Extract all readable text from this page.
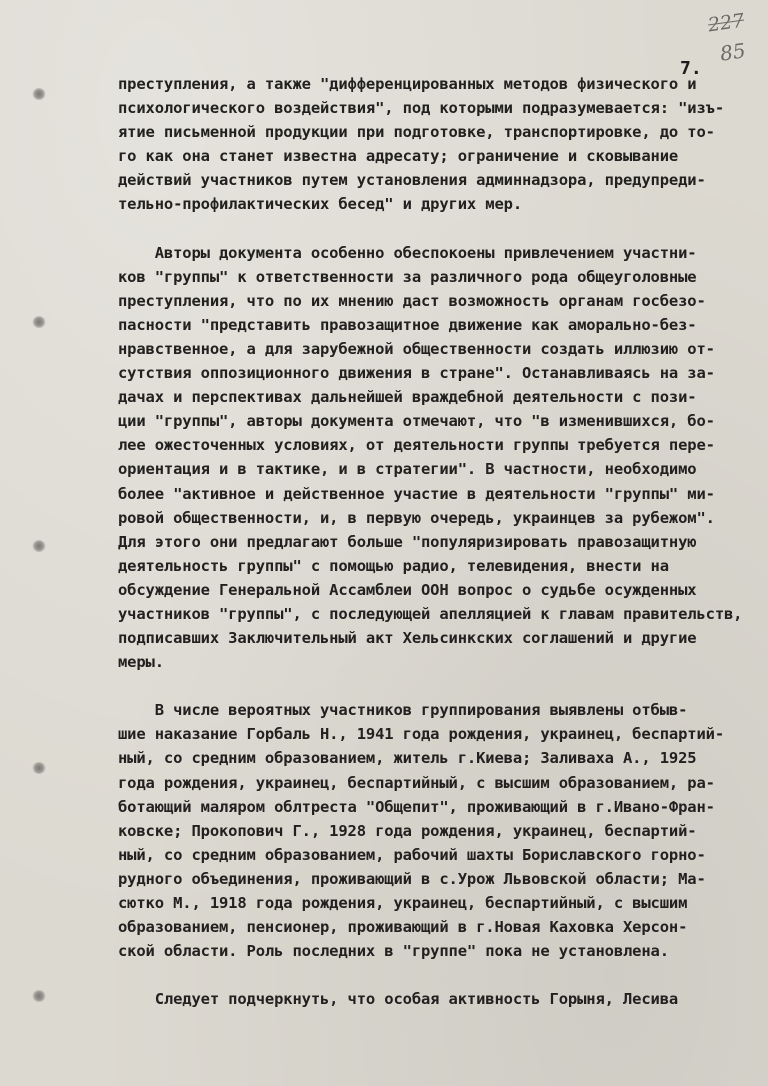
227
85
7.
преступления, а также "дифференцированных методов физического и
психологического воздействия", под которыми подразумевается: "изъ-
ятие письменной продукции при подготовке, транспортировке, до то-
го как она станет известна адресату; ограничение и сковывание
действий участников путем установления админнадзора, предупреди-
тельно-профилактических бесед" и других мер.
Авторы документа особенно обеспокоены привлечением участни-
ков "группы" к ответственности за различного рода общеуголовные
преступления, что по их мнению даст возможность органам госбезо-
пасности "представить правозащитное движение как аморально-без-
нравственное, а для зарубежной общественности создать иллюзию от-
сутствия оппозиционного движения в стране". Останавливаясь на за-
дачах и перспективах дальнейшей враждебной деятельности с пози-
ции "группы", авторы документа отмечают, что "в изменившихся, бо-
лее ожесточенных условиях, от деятельности группы требуется пере-
ориентация и в тактике, и в стратегии". В частности, необходимо
более "активное и действенное участие в деятельности "группы" ми-
ровой общественности, и, в первую очередь, украинцев за рубежом".
Для этого они предлагают больше "популяризировать правозащитную
деятельность группы" с помощью радио, телевидения, внести на
обсуждение Генеральной Ассамблеи ООН вопрос о судьбе осужденных
участников "группы", с последующей апелляцией к главам правительств,
подписавших Заключительный акт Хельсинкских соглашений и другие
меры.
В числе вероятных участников группирования выявлены отбыв-
шие наказание Горбаль Н., 1941 года рождения, украинец, беспартий-
ный, со средним образованием, житель г.Киева; Заливаха А., 1925
года рождения, украинец, беспартийный, с высшим образованием, ра-
ботающий маляром облтреста "Общепит", проживающий в г.Ивано-Фран-
ковске; Прокопович Г., 1928 года рождения, украинец, беспартий-
ный, со средним образованием, рабочий шахты Бориславского горно-
рудного объединения, проживающий в с.Урож Львовской области; Ма-
сютко М., 1918 года рождения, украинец, беспартийный, с высшим
образованием, пенсионер, проживающий в г.Новая Каховка Херсон-
ской области. Роль последних в "группе" пока не установлена.
Следует подчеркнуть, что особая активность Горыня, Лесива
